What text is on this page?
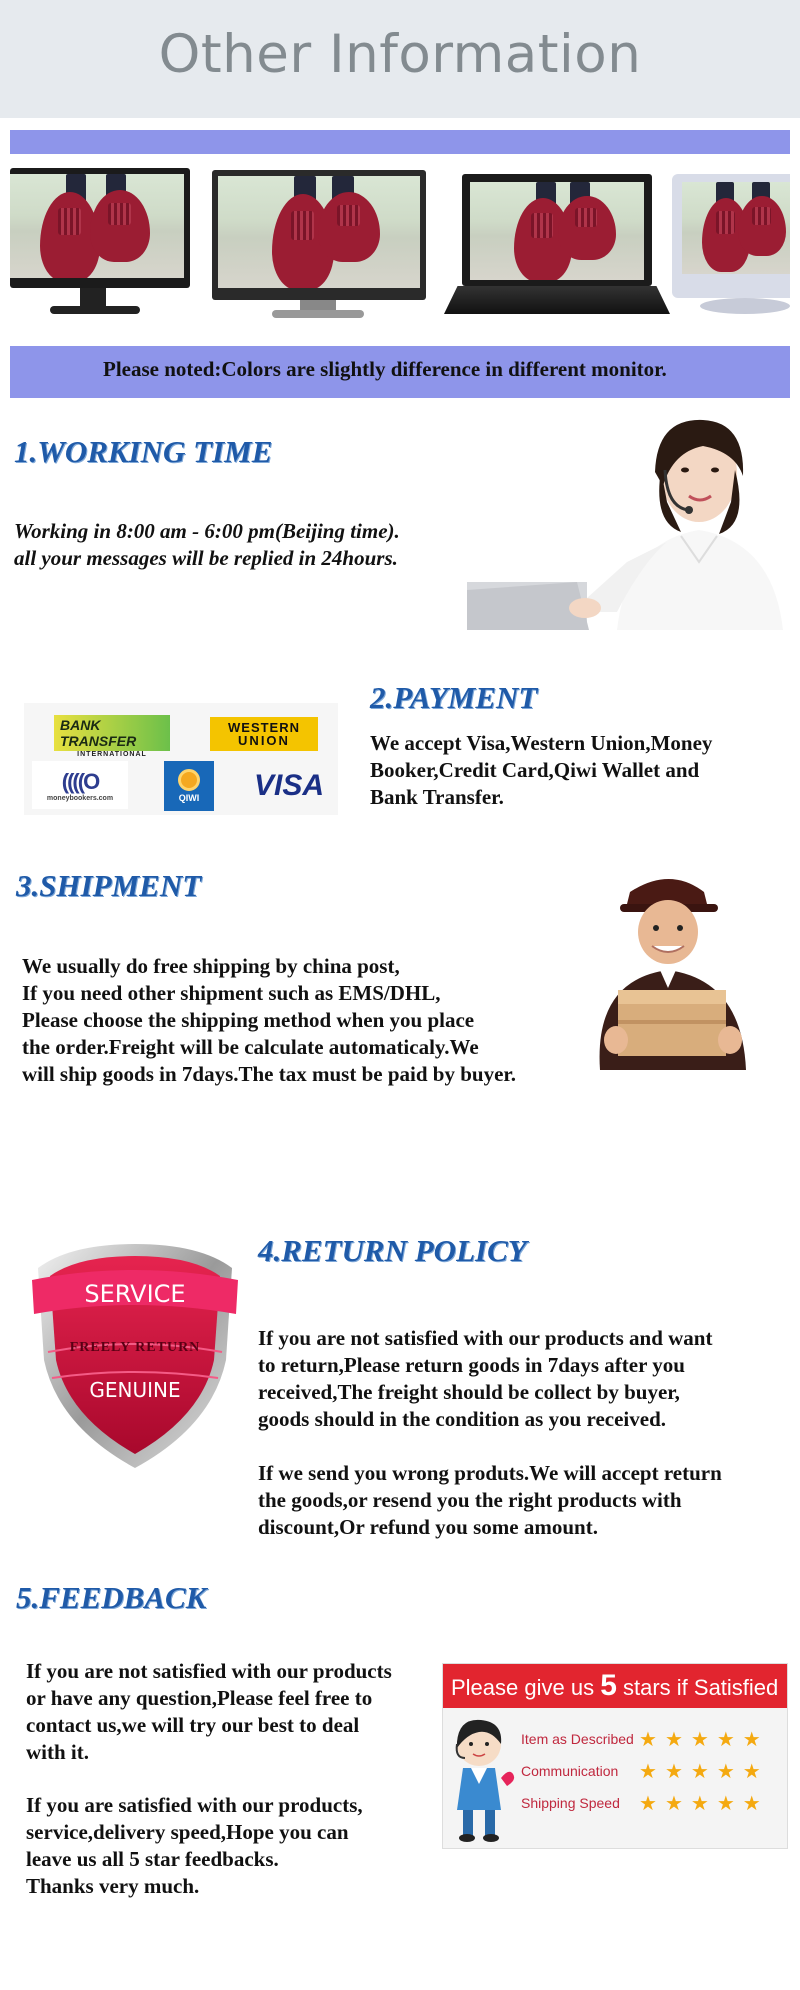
Other Information
Please noted:Colors are slightly difference in different monitor.
1.WORKING TIME
Working in 8:00 am - 6:00 pm(Beijing time).
all your messages will be replied in 24hours.
BANK TRANSFER
INTERNATIONAL
WESTERN
UNION
((((O
moneybookers.com	QIWI VISA
2.PAYMENT
We accept Visa,Western Union,Money
Booker,Credit Card,Qiwi Wallet and
Bank Transfer.
3.SHIPMENT
We usually do free shipping by china post,
If you need other shipment such as EMS/DHL,
Please choose the shipping method when you place
the order.Freight will be calculate automaticaly.We
will ship goods in 7days.The tax must be paid by buyer.
SERVICE
FREELY RETURN
GENUINE
4.RETURN POLICY
If you are not satisfied with our products and want
to return,Please return goods in 7days after you
received,The freight should be collect by buyer,
goods should in the condition as you received.
If we send you wrong produts.We will accept return
the goods,or resend you the right products with
discount,Or refund you some amount.
5.FEEDBACK
If you are not satisfied with our products
or have any question,Please feel free to
contact us,we will try our best to deal
with it.
If you are satisfied with our products,
service,delivery speed,Hope you can
leave us all 5 star feedbacks.
Thanks very much.
Please give us 5 stars if Satisfied
Item as Described ★ ★ ★ ★ ★
Communication	★ ★ ★ ★ ★
Shipping Speed ★ ★ ★ ★ ★
